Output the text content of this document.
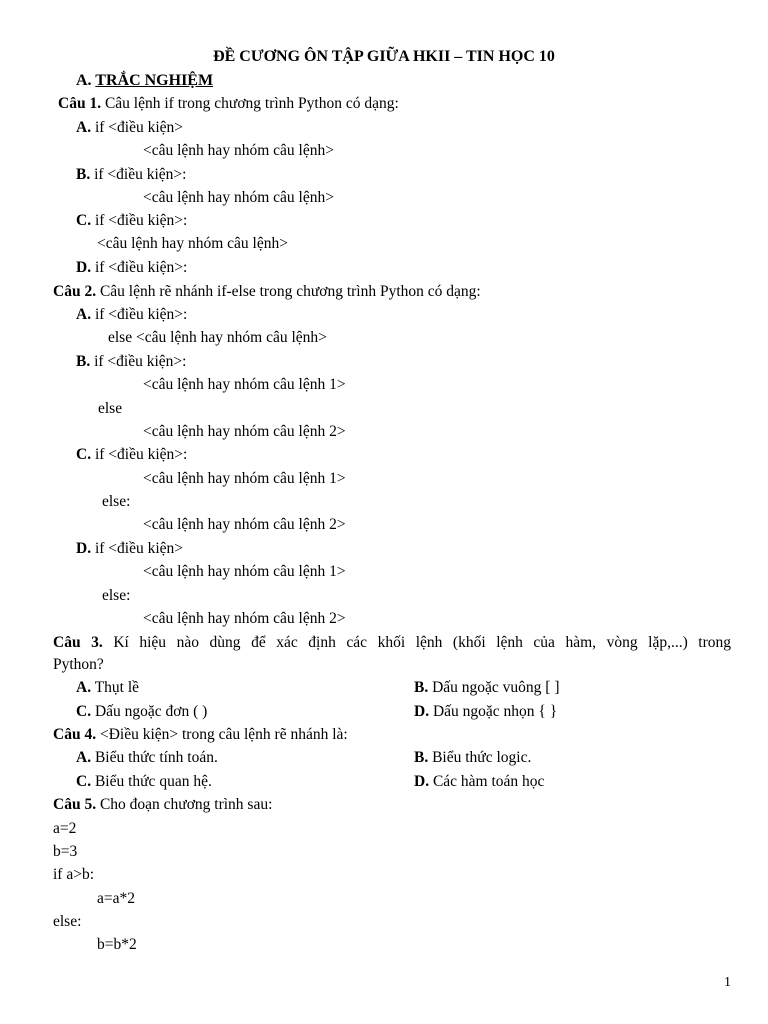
ĐỀ CƯƠNG ÔN TẬP GIỮA HKII – TIN HỌC 10
A. TRẮC NGHIỆM
Câu 1. Câu lệnh if trong chương trình Python có dạng:
A. if <điều kiện>
<câu lệnh hay nhóm câu lệnh>
B. if <điều kiện>:
<câu lệnh hay nhóm câu lệnh>
C. if <điều kiện>:
<câu lệnh hay nhóm câu lệnh>
D. if <điều kiện>:
Câu 2. Câu lệnh rẽ nhánh if-else trong chương trình Python có dạng:
A. if <điều kiện>:
else <câu lệnh hay nhóm câu lệnh>
B. if <điều kiện>:
<câu lệnh hay nhóm câu lệnh 1>
else
<câu lệnh hay nhóm câu lệnh 2>
C. if <điều kiện>:
<câu lệnh hay nhóm câu lệnh 1>
else:
<câu lệnh hay nhóm câu lệnh 2>
D. if <điều kiện>
<câu lệnh hay nhóm câu lệnh 1>
else:
<câu lệnh hay nhóm câu lệnh 2>
Câu 3. Kí hiệu nào dùng để xác định các khối lệnh (khối lệnh của hàm, vòng lặp,...) trong
Python?
A. Thụt lề	B. Dấu ngoặc vuông [ ]
C. Dấu ngoặc đơn ( )	D. Dấu ngoặc nhọn { }
Câu 4. <Điều kiện> trong câu lệnh rẽ nhánh là:
A. Biểu thức tính toán.	B. Biểu thức logic.
C. Biểu thức quan hệ.	D. Các hàm toán học
Câu 5. Cho đoạn chương trình sau:
a=2
b=3
if a>b:
a=a*2
else:
b=b*2
1
